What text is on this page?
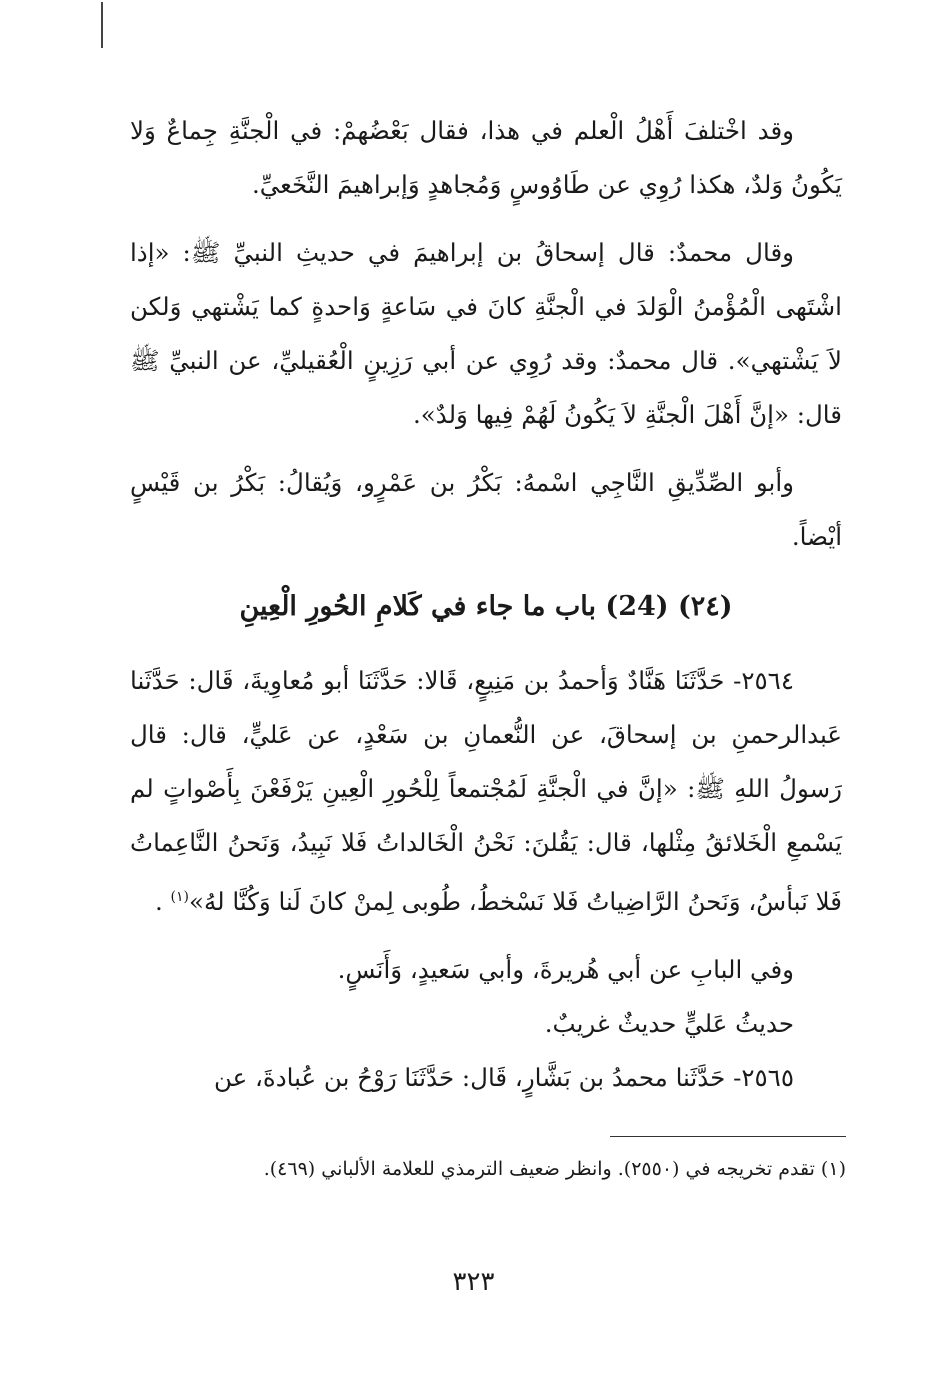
وقد اخْتلفَ أَهْلُ الْعلم في هذا، فقال بَعْضُهمْ: في الْجنَّةِ جِماعٌ وَلا يَكُونُ وَلدٌ، هكذا رُوِي عن طَاوُوسٍ وَمُجاهدٍ وَإبراهيمَ النَّخَعيِّ.

وقال محمدٌ: قال إسحاقُ بن إبراهيمَ في حديثِ النبيِّ ﷺ: «إذا اشْتَهى الْمُؤْمنُ الْوَلدَ في الْجنَّةِ كانَ في سَاعةٍ وَاحدةٍ كما يَشْتهي وَلكن لاَ يَشْتهي». قال محمدٌ: وقد رُوِي عن أبي رَزِينٍ الْعُقيليِّ، عن النبيِّ ﷺ قال: «إنَّ أَهْلَ الْجنَّةِ لاَ يَكُونُ لَهُمْ فِيها وَلدٌ».

وأبو الصِّدِّيقِ النَّاجِي اسْمهُ: بَكْرُ بن عَمْرٍو، وَيُقالُ: بَكْرُ بن قَيْسٍ أيْضاً.

(٢٤) (24) باب ما جاء في كَلامِ الحُورِ الْعِينِ

٢٥٦٤- حَدَّثَنَا هَنَّادٌ وَأحمدُ بن مَنِيعٍ، قَالا: حَدَّثَنَا أبو مُعاوِيةَ، قَال: حَدَّثَنا عَبدالرحمنِ بن إسحاقَ، عن النُّعمانِ بن سَعْدٍ، عن عَليٍّ، قال: قال رَسولُ اللهِ ﷺ: «إنَّ في الْجنَّةِ لَمُجْتمعاً لِلْحُورِ الْعِينِ يَرْفَعْنَ بِأَصْواتٍ لم يَسْمعِ الْخَلائقُ مِثْلها، قال: يَقُلنَ: نَحْنُ الْخَالداتُ فَلا نَبِيدُ، وَنَحنُ النَّاعِماتُ فَلا نَبأسُ، وَنَحنُ الرَّاضِياتُ فَلا نَسْخطُ، طُوبى لِمنْ كانَ لَنا وَكُنَّا لهُ»$^{(١)}$ .

وفي البابِ عن أبي هُريرةَ، وأبي سَعيدٍ، وَأَنَسٍ.

حديثُ عَليٍّ حديثٌ غريبٌ.

٢٥٦٥- حَدَّثَنا محمدُ بن بَشَّارٍ، قَال: حَدَّثَنَا رَوْحُ بن عُبادةَ، عن

(١) تقدم تخريجه في (٢٥٥٠). وانظر ضعيف الترمذي للعلامة الألباني (٤٦٩).
٣٢٣
